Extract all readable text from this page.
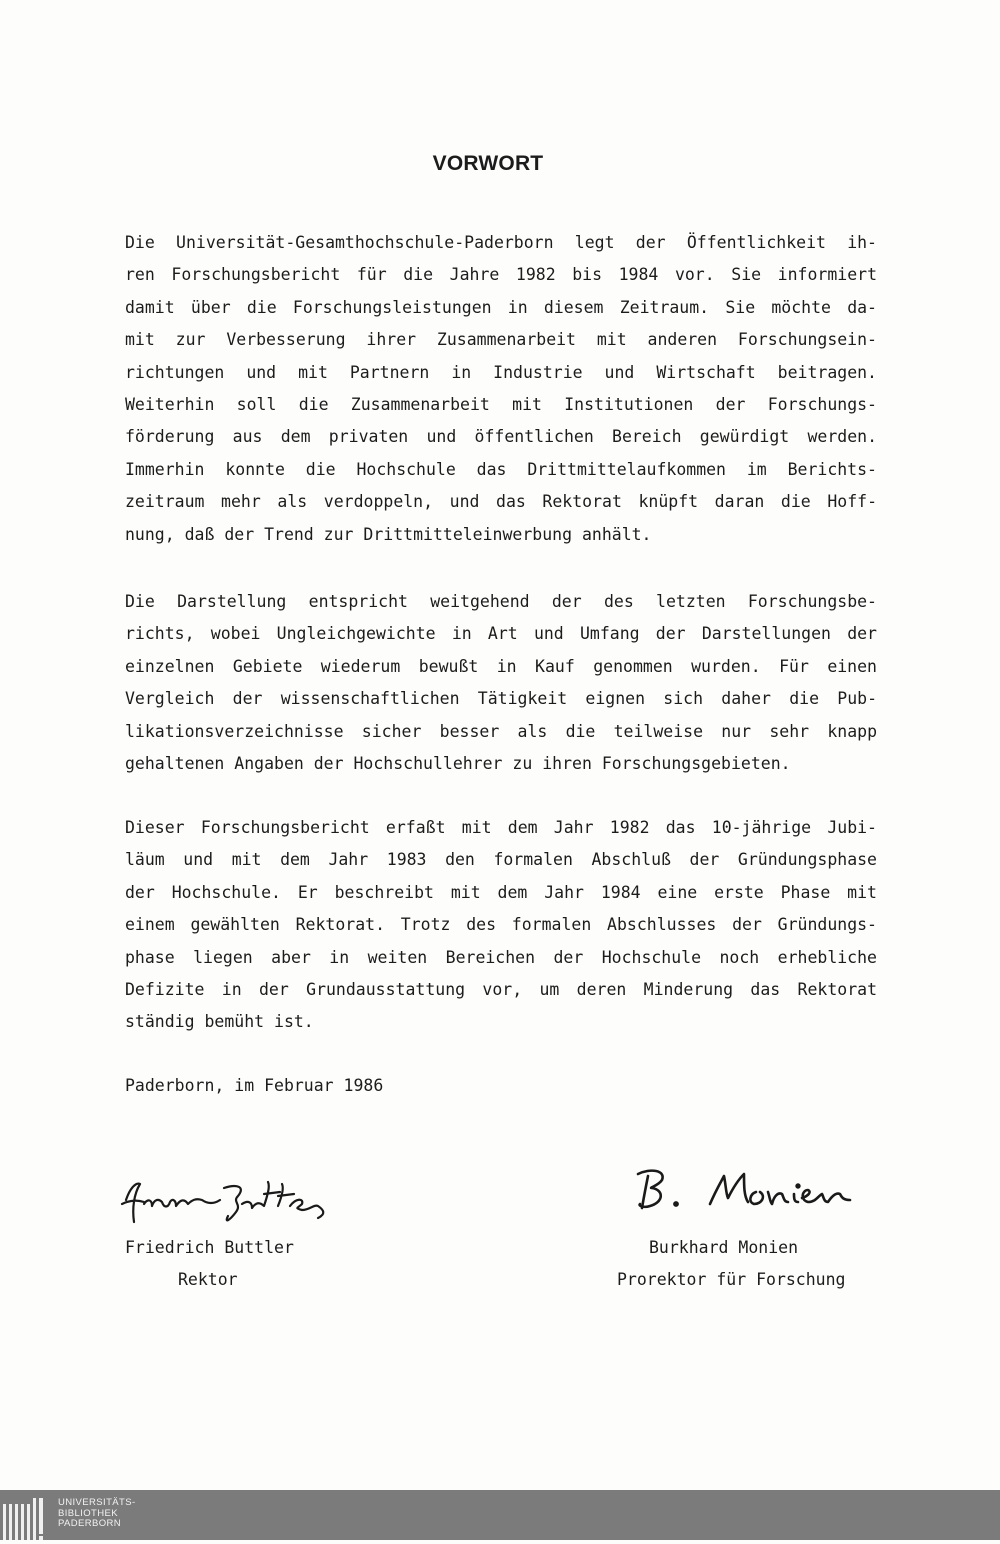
VORWORT
Die Universität-Gesamthochschule-Paderborn legt der Öffentlichkeit ih-
ren Forschungsbericht für die Jahre 1982 bis 1984 vor. Sie informiert
damit über die Forschungsleistungen in diesem Zeitraum. Sie möchte da-
mit zur Verbesserung ihrer Zusammenarbeit mit anderen Forschungsein-
richtungen und mit Partnern in Industrie und Wirtschaft beitragen.
Weiterhin soll die Zusammenarbeit mit Institutionen der Forschungs-
förderung aus dem privaten und öffentlichen Bereich gewürdigt werden.
Immerhin konnte die Hochschule das Drittmittelaufkommen im Berichts-
zeitraum mehr als verdoppeln, und das Rektorat knüpft daran die Hoff-
nung, daß der Trend zur Drittmitteleinwerbung anhält.
Die Darstellung entspricht weitgehend der des letzten Forschungsbe-
richts, wobei Ungleichgewichte in Art und Umfang der Darstellungen der
einzelnen Gebiete wiederum bewußt in Kauf genommen wurden. Für einen
Vergleich der wissenschaftlichen Tätigkeit eignen sich daher die Pub-
likationsverzeichnisse sicher besser als die teilweise nur sehr knapp
gehaltenen Angaben der Hochschullehrer zu ihren Forschungsgebieten.
Dieser Forschungsbericht erfaßt mit dem Jahr 1982 das 10-jährige Jubi-
läum und mit dem Jahr 1983 den formalen Abschluß der Gründungsphase
der Hochschule. Er beschreibt mit dem Jahr 1984 eine erste Phase mit
einem gewählten Rektorat. Trotz des formalen Abschlusses der Gründungs-
phase liegen aber in weiten Bereichen der Hochschule noch erhebliche
Defizite in der Grundausstattung vor, um deren Minderung das Rektorat
ständig bemüht ist.
Paderborn, im Februar 1986
Friedrich Buttler
Rektor
Burkhard Monien
Prorektor für Forschung
UNIVERSITÄTS-
BIBLIOTHEK
PADERBORN
